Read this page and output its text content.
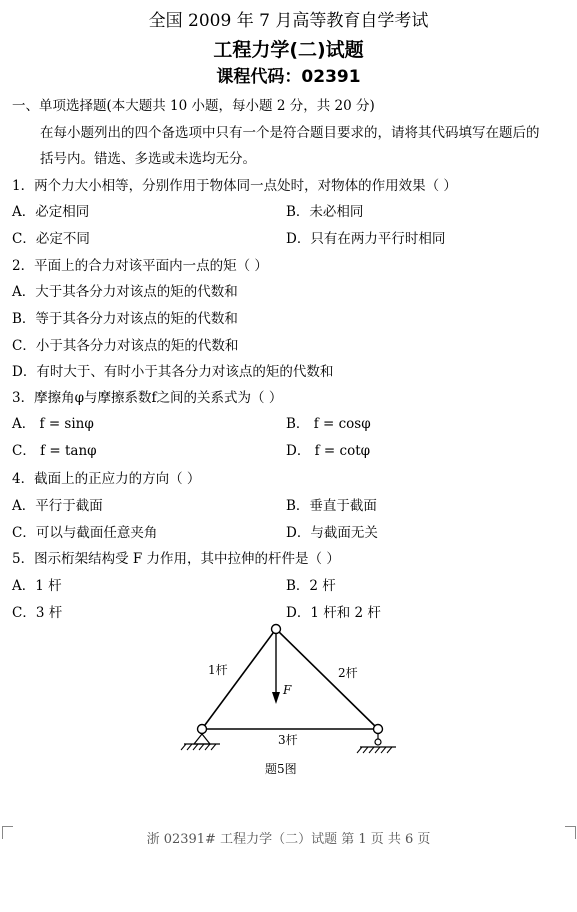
全国 2009 年 7 月高等教育自学考试
工程力学(二)试题
课程代码：02391
一、单项选择题(本大题共 10 小题，每小题 2 分，共 20 分)
在每小题列出的四个备选项中只有一个是符合题目要求的，请将其代码填写在题后的
括号内。错选、多选或未选均无分。
1．两个力大小相等，分别作用于物体同一点处时，对物体的作用效果（ ）
A．必定相同	B．未必相同
C．必定不同	D．只有在两力平行时相同
2．平面上的合力对该平面内一点的矩（ ）
A．大于其各分力对该点的矩的代数和
B．等于其各分力对该点的矩的代数和
C．小于其各分力对该点的矩的代数和
D．有时大于、有时小于其各分力对该点的矩的代数和
3．摩擦角φ与摩擦系数f之间的关系式为（ ）
A． f = sinφ	B． f = cosφ
C． f = tanφ	D． f = cotφ
4．截面上的正应力的方向（ ）
A．平行于截面	B．垂直于截面
C．可以与截面任意夹角	D．与截面无关
5．图示桁架结构受 F 力作用，其中拉伸的杆件是（ ）
A．1 杆	B．2 杆
C．3 杆	D．1 杆和 2 杆
1杆	2杆
3杆
F
题5图
浙 02391# 工程力学（二）试题 第 1 页 共 6 页
